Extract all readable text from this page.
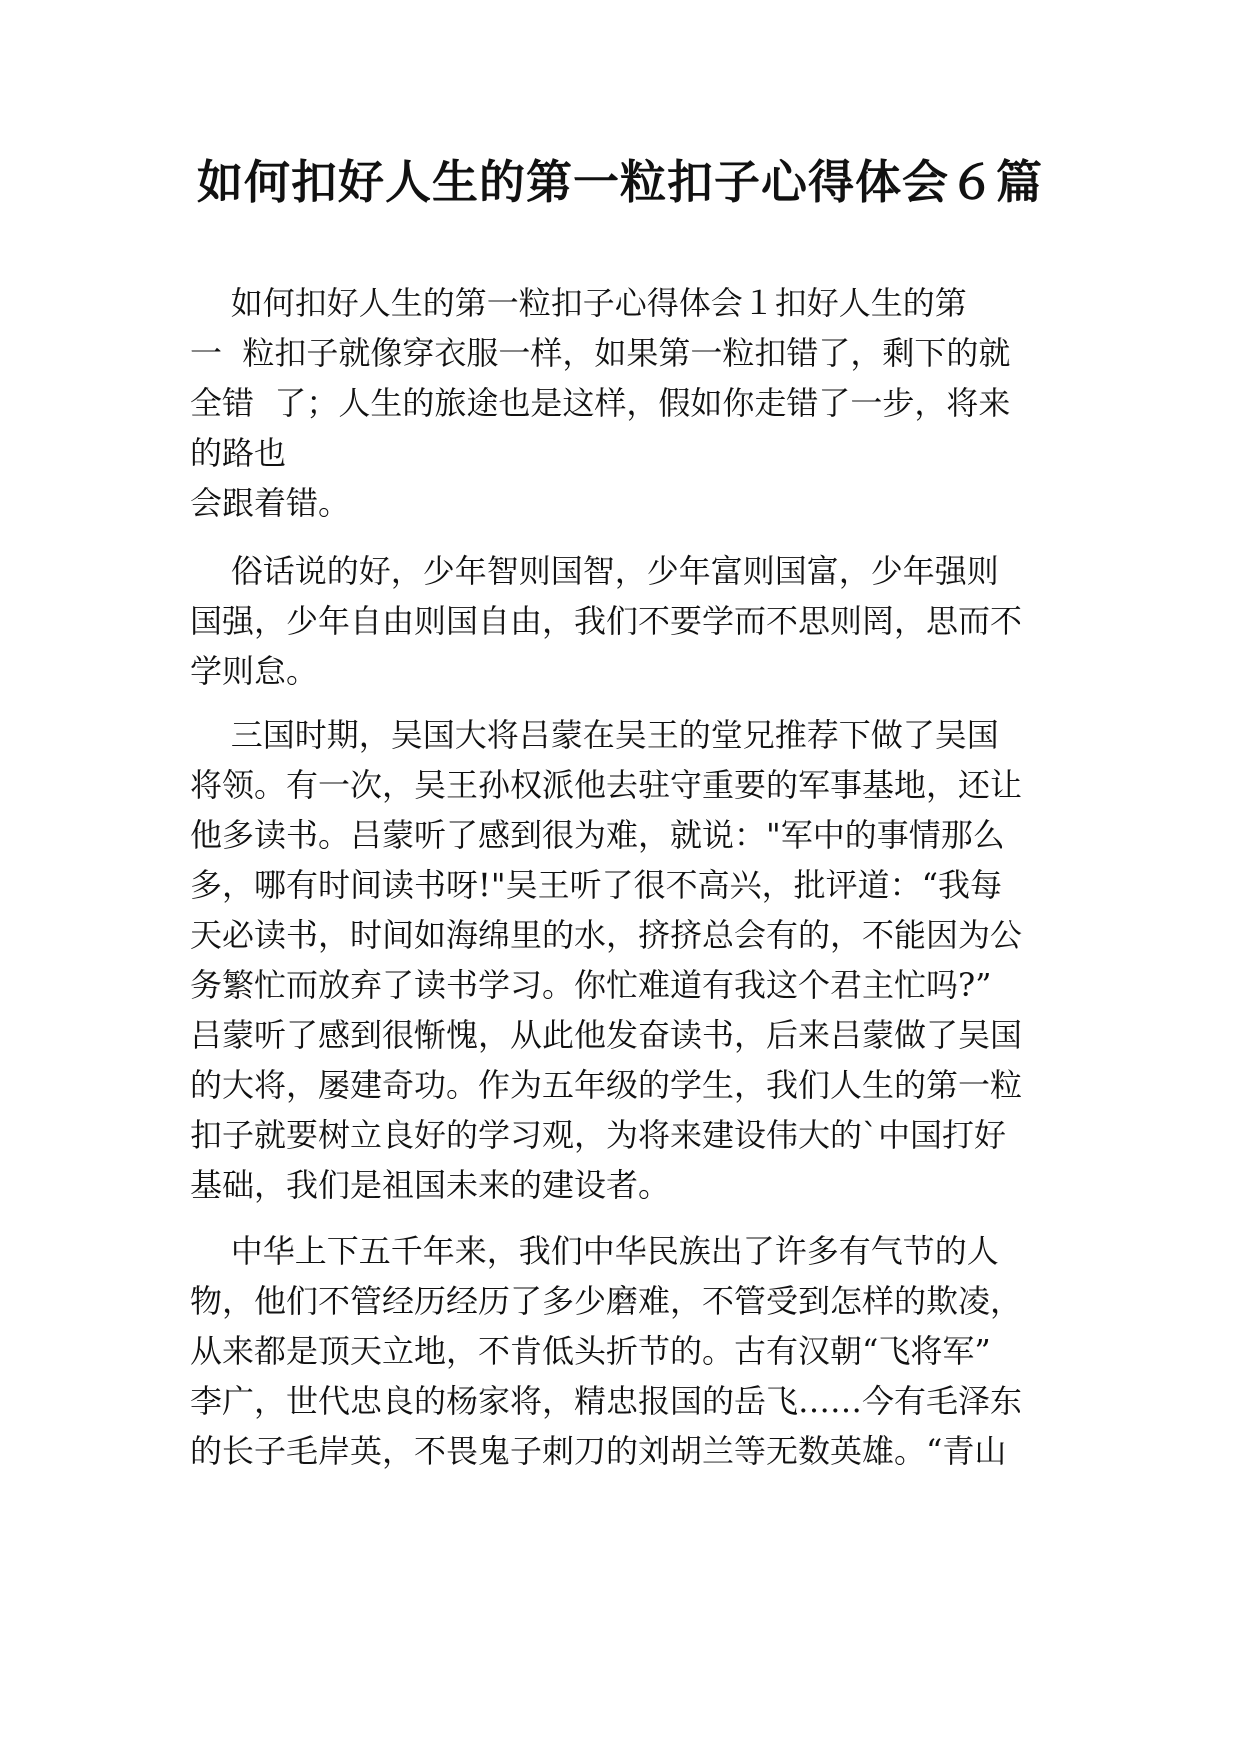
如何扣好人生的第一粒扣子心得体会６篇
如何扣好人生的第一粒扣子心得体会１扣好人生的第
一  粒扣子就像穿衣服一样，如果第一粒扣错了，剩下的就
全错  了；人生的旅途也是这样，假如你走错了一步，将来
的路也
会跟着错。
俗话说的好，少年智则国智，少年富则国富，少年强则
国强，少年自由则国自由，我们不要学而不思则罔，思而不
学则怠。
三国时期，吴国大将吕蒙在吴王的堂兄推荐下做了吴国
将领。有一次，吴王孙权派他去驻守重要的军事基地，还让
他多读书。吕蒙听了感到很为难，就说："军中的事情那么
多，哪有时间读书呀!"吴王听了很不高兴，批评道：“我每
天必读书，时间如海绵里的水，挤挤总会有的，不能因为公
务繁忙而放弃了读书学习。你忙难道有我这个君主忙吗?”
吕蒙听了感到很惭愧，从此他发奋读书，后来吕蒙做了吴国
的大将，屡建奇功。作为五年级的学生，我们人生的第一粒
扣子就要树立良好的学习观，为将来建设伟大的`中国打好
基础，我们是祖国未来的建设者。
中华上下五千年来，我们中华民族出了许多有气节的人
物，他们不管经历经历了多少磨难，不管受到怎样的欺凌，
从来都是顶天立地，不肯低头折节的。古有汉朝“飞将军”
李广，世代忠良的杨家将，精忠报国的岳飞……今有毛泽东
的长子毛岸英，不畏鬼子刺刀的刘胡兰等无数英雄。“青山
